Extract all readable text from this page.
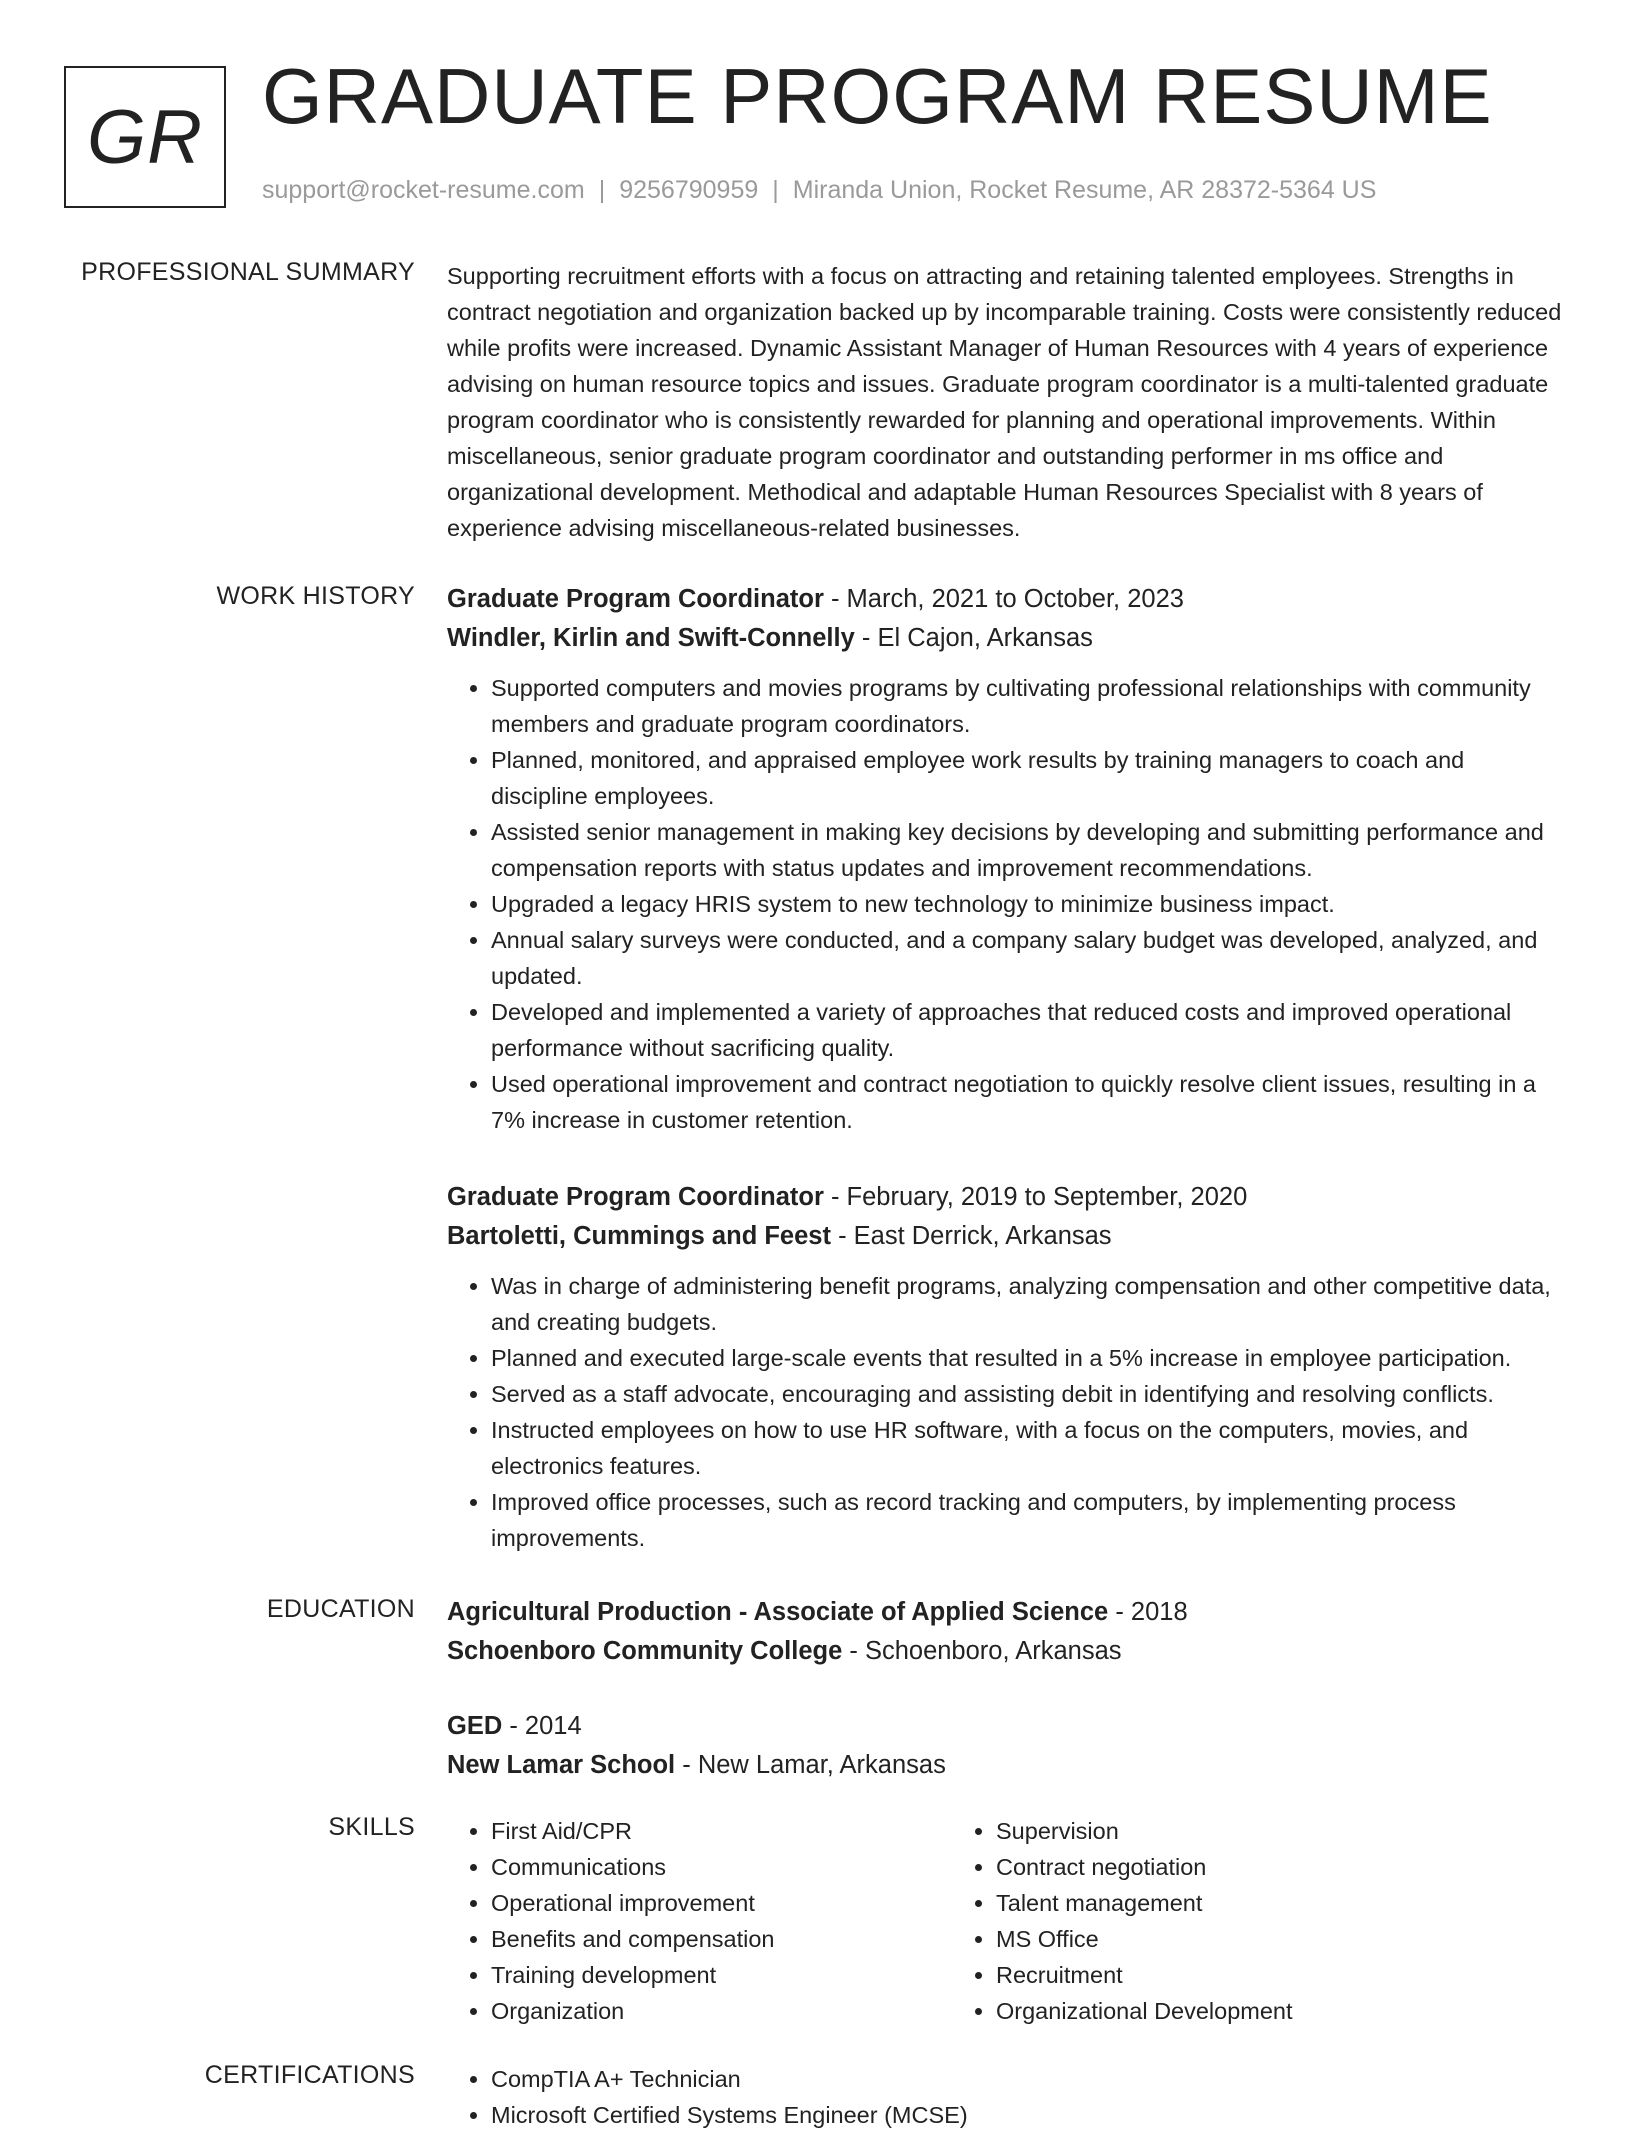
GR GRADUATE PROGRAM RESUME
support@rocket-resume.com | 9256790959 | Miranda Union, Rocket Resume, AR 28372-5364 US
PROFESSIONAL SUMMARY Supporting recruitment efforts with a focus on attracting and retaining talented employees. Strengths in contract negotiation and organization backed up by incomparable training. Costs were consistently reduced while profits were increased. Dynamic Assistant Manager of Human Resources with 4 years of experience advising on human resource topics and issues. Graduate program coordinator is a multi-talented graduate program coordinator who is consistently rewarded for planning and operational improvements. Within miscellaneous, senior graduate program coordinator and outstanding performer in ms office and organizational development. Methodical and adaptable Human Resources Specialist with 8 years of experience advising miscellaneous-related businesses.

WORK HISTORY Graduate Program Coordinator - March, 2021 to October, 2023
Windler, Kirlin and Swift-Connelly - El Cajon, Arkansas
• Supported computers and movies programs by cultivating professional relationships with community members and graduate program coordinators.
• Planned, monitored, and appraised employee work results by training managers to coach and discipline employees.
• Assisted senior management in making key decisions by developing and submitting performance and compensation reports with status updates and improvement recommendations.
• Upgraded a legacy HRIS system to new technology to minimize business impact.
• Annual salary surveys were conducted, and a company salary budget was developed, analyzed, and updated.
• Developed and implemented a variety of approaches that reduced costs and improved operational performance without sacrificing quality.
• Used operational improvement and contract negotiation to quickly resolve client issues, resulting in a 7% increase in customer retention.
Graduate Program Coordinator - February, 2019 to September, 2020
Bartoletti, Cummings and Feest - East Derrick, Arkansas
• Was in charge of administering benefit programs, analyzing compensation and other competitive data, and creating budgets.
• Planned and executed large-scale events that resulted in a 5% increase in employee participation.
• Served as a staff advocate, encouraging and assisting debit in identifying and resolving conflicts.
• Instructed employees on how to use HR software, with a focus on the computers, movies, and electronics features.
• Improved office processes, such as record tracking and computers, by implementing process improvements.
EDUCATION Agricultural Production - Associate of Applied Science - 2018
Schoenboro Community College - Schoenboro, Arkansas
GED - 2014
New Lamar School - New Lamar, Arkansas
SKILLS	• First Aid/CPR
• Communications
• Operational improvement
• Benefits and compensation
• Training development
• Organization
• Supervision
• Contract negotiation
• Talent management
• MS Office
• Recruitment
• Organizational Development
CERTIFICATIONS	• CompTIA A+ Technician
• Microsoft Certified Systems Engineer (MCSE)
